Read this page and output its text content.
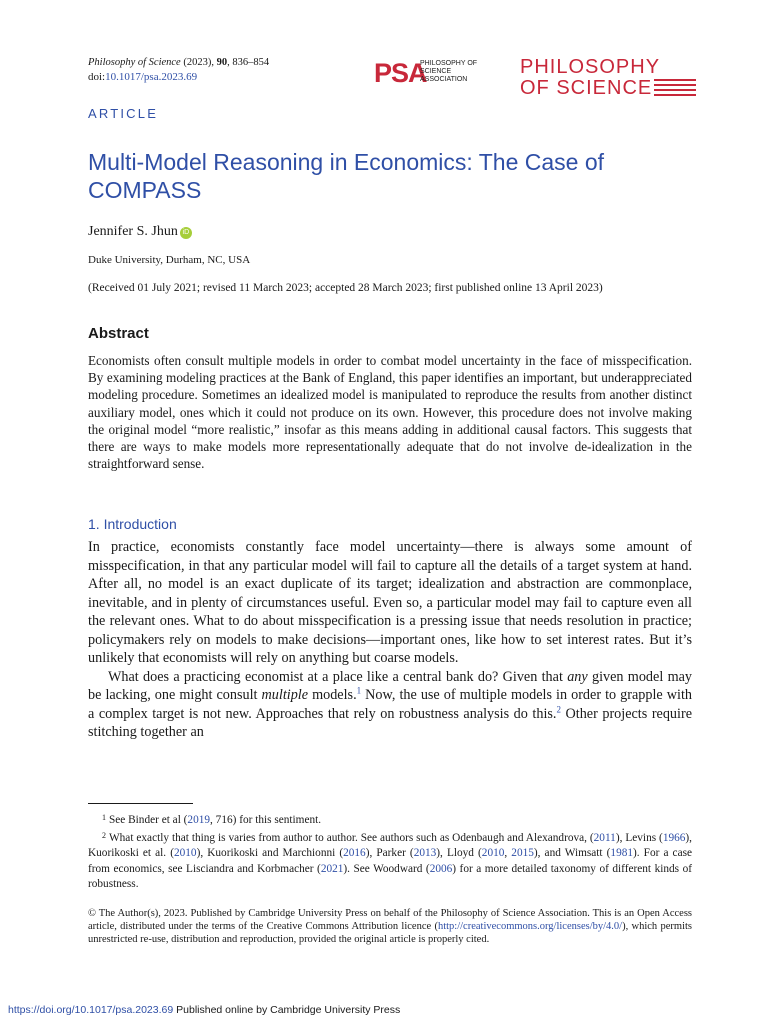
Philosophy of Science (2023), 90, 836–854
doi:10.1017/psa.2023.69	PSA
PHILOSOPHY OF SCIENCE ASSOCIATION
PHILOSOPHY
OF SCIENCE
ARTICLE
Multi-Model Reasoning in Economics: The Case of COMPASS
Jennifer S. Jhun iD
Duke University, Durham, NC, USA
(Received 01 July 2021; revised 11 March 2023; accepted 28 March 2023; first published online 13 April 2023)
Abstract
Economists often consult multiple models in order to combat model uncertainty in the face of misspecification. By examining modeling practices at the Bank of England, this paper identifies an important, but underappreciated modeling procedure. Sometimes an idealized model is manipulated to reproduce the results from another distinct auxiliary model, ones which it could not produce on its own. However, this procedure does not involve making the original model “more realistic,” insofar as this means adding in additional causal factors. This suggests that there are ways to make models more representationally adequate that do not involve de-idealization in the straightforward sense.
1. Introduction

In practice, economists constantly face model uncertainty—there is always some amount of misspecification, in that any particular model will fail to capture all the details of a target system at hand. After all, no model is an exact duplicate of its target; idealization and abstraction are commonplace, inevitable, and in plenty of circumstances useful. Even so, a particular model may fail to capture even all the relevant ones. What to do about misspecification is a pressing issue that needs resolution in practice; policymakers rely on models to make decisions—important ones, like how to set interest rates. But it’s unlikely that economists will rely on anything but coarse models.

What does a practicing economist at a place like a central bank do? Given that any given model may be lacking, one might consult multiple models.$^1$ Now, the use of multiple models in order to grapple with a complex target is not new. Approaches that rely on robustness analysis do this.$^2$ Other projects require stitching together an

$^1$ See Binder et al (2019, 716) for this sentiment.

$^2$ What exactly that thing is varies from author to author. See authors such as Odenbaugh and Alexandrova, (2011), Levins (1966), Kuorikoski et al. (2010), Kuorikoski and Marchionni (2016), Parker (2013), Lloyd (2010, 2015), and Wimsatt (1981). For a case from economics, see Lisciandra and Korbmacher (2021). See Woodward (2006) for a more detailed taxonomy of different kinds of robustness.

© The Author(s), 2023. Published by Cambridge University Press on behalf of the Philosophy of Science Association. This is an Open Access article, distributed under the terms of the Creative Commons Attribution licence (http://creativecommons.org/licenses/by/4.0/), which permits unrestricted re-use, distribution and reproduction, provided the original article is properly cited.
https://doi.org/10.1017/psa.2023.69 Published online by Cambridge University Press
